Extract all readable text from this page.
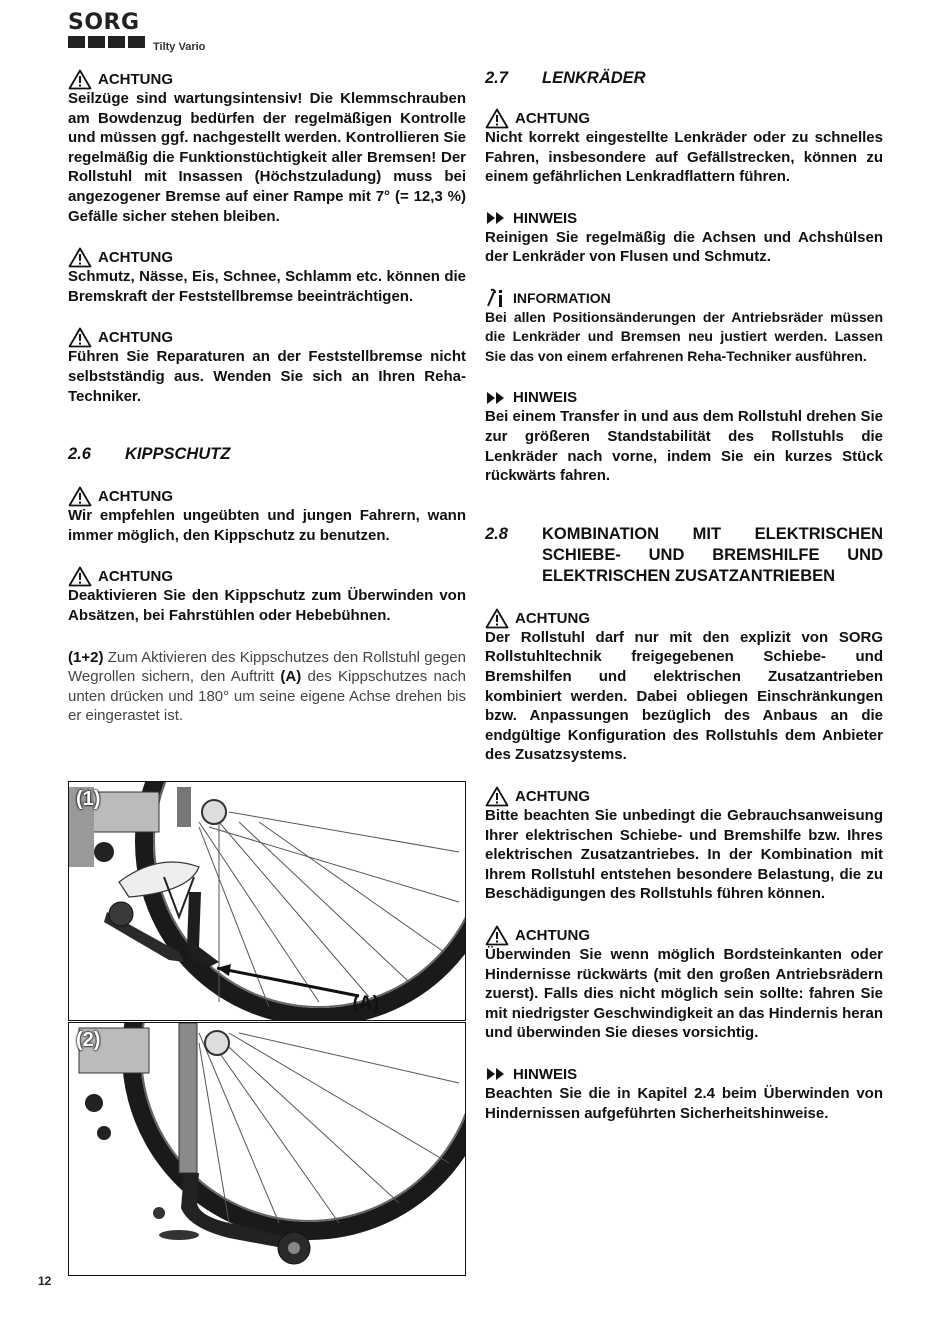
SORG
Tilty Vario
ACHTUNG
Seilzüge sind wartungsintensiv! Die Klemmschrauben am Bowdenzug bedürfen der regelmäßigen Kontrolle und müssen ggf. nachgestellt werden. Kontrollieren Sie regelmäßig die Funktionstüchtigkeit aller Bremsen! Der Rollstuhl mit Insassen (Höchstzuladung) muss bei angezogener Bremse auf einer Rampe mit 7° (= 12,3 %) Gefälle sicher stehen bleiben.
ACHTUNG
Schmutz, Nässe, Eis, Schnee, Schlamm etc. können die Bremskraft der Feststellbremse beeinträchtigen.
ACHTUNG
Führen Sie Reparaturen an der Feststellbremse nicht selbstständig aus. Wenden Sie sich an Ihren Reha-Techniker.
2.6	KIPPSCHUTZ
ACHTUNG
Wir empfehlen ungeübten und jungen Fahrern, wann immer möglich, den Kippschutz zu benutzen.
ACHTUNG
Deaktivieren Sie den Kippschutz zum Überwinden von Absätzen, bei Fahrstühlen oder Hebebühnen.
(1+2) Zum Aktivieren des Kippschutzes den Rollstuhl gegen Wegrollen sichern, den Auftritt (A) des Kippschutzes nach unten drücken und 180° um seine eigene Achse drehen bis er eingerastet ist.
(1)
(A)
(2)
2.7	LENKRÄDER
ACHTUNG
Nicht korrekt eingestellte Lenkräder oder zu schnelles Fahren, insbesondere auf Gefällstrecken, können zu einem gefährlichen Lenkradflattern führen.
HINWEIS
Reinigen Sie regelmäßig die Achsen und Achshülsen der Lenkräder von Flusen und Schmutz.
INFORMATION
Bei allen Positionsänderungen der Antriebsräder müssen die Lenkräder und Bremsen neu justiert werden. Lassen Sie das von einem erfahrenen Reha-Techniker ausführen.
HINWEIS
Bei einem Transfer in und aus dem Rollstuhl drehen Sie zur größeren Standstabilität des Rollstuhls die Lenkräder nach vorne, indem Sie ein kurzes Stück rückwärts fahren.
2.8	KOMBINATION MIT ELEKTRISCHEN SCHIEBE- UND BREMSHILFE UND ELEKTRISCHEN ZUSATZANTRIEBEN
ACHTUNG
Der Rollstuhl darf nur mit den explizit von SORG Rollstuhltechnik freigegebenen Schiebe- und Bremshilfen und elektrischen Zusatzantrieben kombiniert werden. Dabei obliegen Einschränkungen bzw. Anpassungen bezüglich des Anbaus an die endgültige Konfiguration des Rollstuhls dem Anbieter des Zusatzsystems.
ACHTUNG
Bitte beachten Sie unbedingt die Gebrauchsanweisung Ihrer elektrischen Schiebe- und Bremshilfe bzw. Ihres elektrischen Zusatzantriebes. In der Kombination mit Ihrem Rollstuhl entstehen besondere Belastung, die zu Beschädigungen des Rollstuhls führen können.
ACHTUNG
Überwinden Sie wenn möglich Bordsteinkanten oder Hindernisse rückwärts (mit den großen Antriebsrädern zuerst). Falls dies nicht möglich sein sollte: fahren Sie mit niedrigster Geschwindigkeit an das Hindernis heran und überwinden Sie dieses vorsichtig.
HINWEIS
Beachten Sie die in Kapitel 2.4 beim Überwinden von Hindernissen aufgeführten Sicherheitshinweise.
12
